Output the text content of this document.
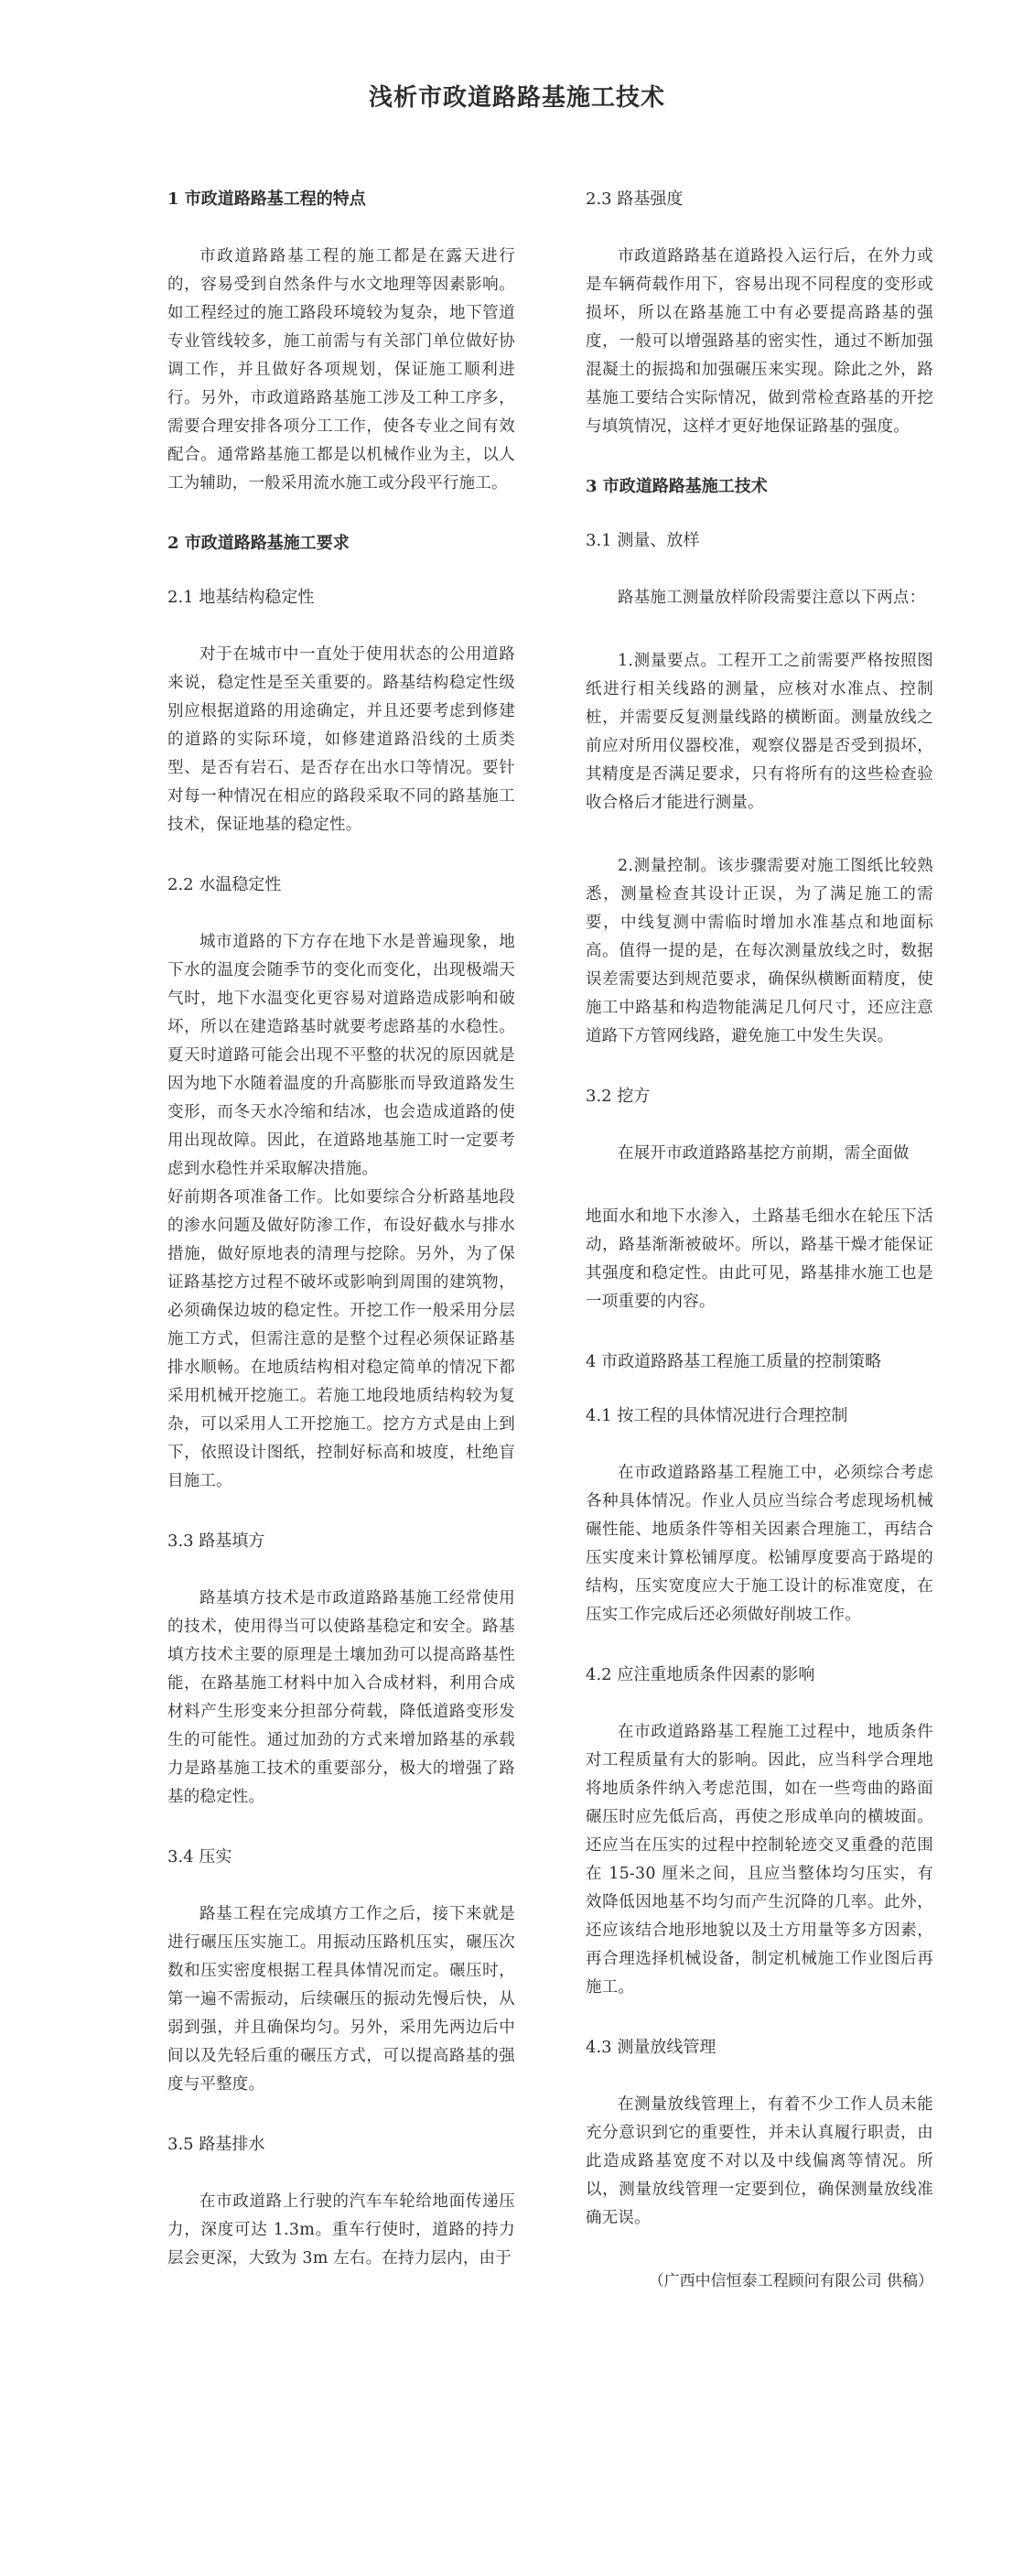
浅析市政道路路基施工技术
1 市政道路路基工程的特点
市政道路路基工程的施工都是在露天进行的，容易受到自然条件与水文地理等因素影响。如工程经过的施工路段环境较为复杂，地下管道专业管线较多，施工前需与有关部门单位做好协调工作，并且做好各项规划，保证施工顺利进行。另外，市政道路路基施工涉及工种工序多，需要合理安排各项分工工作，使各专业之间有效配合。通常路基施工都是以机械作业为主，以人工为辅助，一般采用流水施工或分段平行施工。
2 市政道路路基施工要求
2.1 地基结构稳定性
对于在城市中一直处于使用状态的公用道路来说，稳定性是至关重要的。路基结构稳定性级别应根据道路的用途确定，并且还要考虑到修建的道路的实际环境，如修建道路沿线的土质类型、是否有岩石、是否存在出水口等情况。要针对每一种情况在相应的路段采取不同的路基施工技术，保证地基的稳定性。
2.2 水温稳定性
城市道路的下方存在地下水是普遍现象，地下水的温度会随季节的变化而变化，出现极端天气时，地下水温变化更容易对道路造成影响和破坏，所以在建造路基时就要考虑路基的水稳性。夏天时道路可能会出现不平整的状况的原因就是因为地下水随着温度的升高膨胀而导致道路发生变形，而冬天水冷缩和结冰，也会造成道路的使用出现故障。因此，在道路地基施工时一定要考虑到水稳性并采取解决措施。
好前期各项准备工作。比如要综合分析路基地段的渗水问题及做好防渗工作，布设好截水与排水措施，做好原地表的清理与挖除。另外，为了保证路基挖方过程不破坏或影响到周围的建筑物，必须确保边坡的稳定性。开挖工作一般采用分层施工方式，但需注意的是整个过程必须保证路基排水顺畅。在地质结构相对稳定简单的情况下都采用机械开挖施工。若施工地段地质结构较为复杂，可以采用人工开挖施工。挖方方式是由上到下，依照设计图纸，控制好标高和坡度，杜绝盲目施工。
3.3 路基填方
路基填方技术是市政道路路基施工经常使用的技术，使用得当可以使路基稳定和安全。路基填方技术主要的原理是土壤加劲可以提高路基性能，在路基施工材料中加入合成材料，利用合成材料产生形变来分担部分荷载，降低道路变形发生的可能性。通过加劲的方式来增加路基的承载力是路基施工技术的重要部分，极大的增强了路基的稳定性。
3.4 压实
路基工程在完成填方工作之后，接下来就是进行碾压压实施工。用振动压路机压实，碾压次数和压实密度根据工程具体情况而定。碾压时，第一遍不需振动，后续碾压的振动先慢后快，从弱到强，并且确保均匀。另外，采用先两边后中间以及先轻后重的碾压方式，可以提高路基的强度与平整度。
3.5 路基排水
在市政道路上行驶的汽车车轮给地面传递压力，深度可达 1.3m。重车行使时，道路的持力层会更深，大致为 3m 左右。在持力层内，由于
2.3 路基强度
市政道路路基在道路投入运行后，在外力或是车辆荷载作用下，容易出现不同程度的变形或损坏，所以在路基施工中有必要提高路基的强度，一般可以增强路基的密实性，通过不断加强混凝土的振捣和加强碾压来实现。除此之外，路基施工要结合实际情况，做到常检查路基的开挖与填筑情况，这样才更好地保证路基的强度。
3 市政道路路基施工技术
3.1 测量、放样
路基施工测量放样阶段需要注意以下两点：
1.测量要点。工程开工之前需要严格按照图纸进行相关线路的测量，应核对水准点、控制桩，并需要反复测量线路的横断面。测量放线之前应对所用仪器校准，观察仪器是否受到损坏，其精度是否满足要求，只有将所有的这些检查验收合格后才能进行测量。
2.测量控制。该步骤需要对施工图纸比较熟悉，测量检查其设计正误，为了满足施工的需要，中线复测中需临时增加水准基点和地面标高。值得一提的是，在每次测量放线之时，数据误差需要达到规范要求，确保纵横断面精度，使施工中路基和构造物能满足几何尺寸，还应注意道路下方管网线路，避免施工中发生失误。
3.2 挖方
在展开市政道路路基挖方前期，需全面做
地面水和地下水渗入，土路基毛细水在轮压下活动，路基渐渐被破坏。所以，路基干燥才能保证其强度和稳定性。由此可见，路基排水施工也是一项重要的内容。
4 市政道路路基工程施工质量的控制策略
4.1 按工程的具体情况进行合理控制
在市政道路路基工程施工中，必须综合考虑各种具体情况。作业人员应当综合考虑现场机械碾性能、地质条件等相关因素合理施工，再结合压实度来计算松铺厚度。松铺厚度要高于路堤的结构，压实宽度应大于施工设计的标准宽度，在压实工作完成后还必须做好削坡工作。
4.2 应注重地质条件因素的影响
在市政道路路基工程施工过程中，地质条件对工程质量有大的影响。因此，应当科学合理地将地质条件纳入考虑范围，如在一些弯曲的路面碾压时应先低后高，再使之形成单向的横坡面。还应当在压实的过程中控制轮迹交叉重叠的范围在 15-30 厘米之间，且应当整体均匀压实，有效降低因地基不均匀而产生沉降的几率。此外，还应该结合地形地貌以及土方用量等多方因素，再合理选择机械设备，制定机械施工作业图后再施工。
4.3 测量放线管理
在测量放线管理上，有着不少工作人员未能充分意识到它的重要性，并未认真履行职责，由此造成路基宽度不对以及中线偏离等情况。所以，测量放线管理一定要到位，确保测量放线准确无误。
（广西中信恒泰工程顾问有限公司 供稿）
